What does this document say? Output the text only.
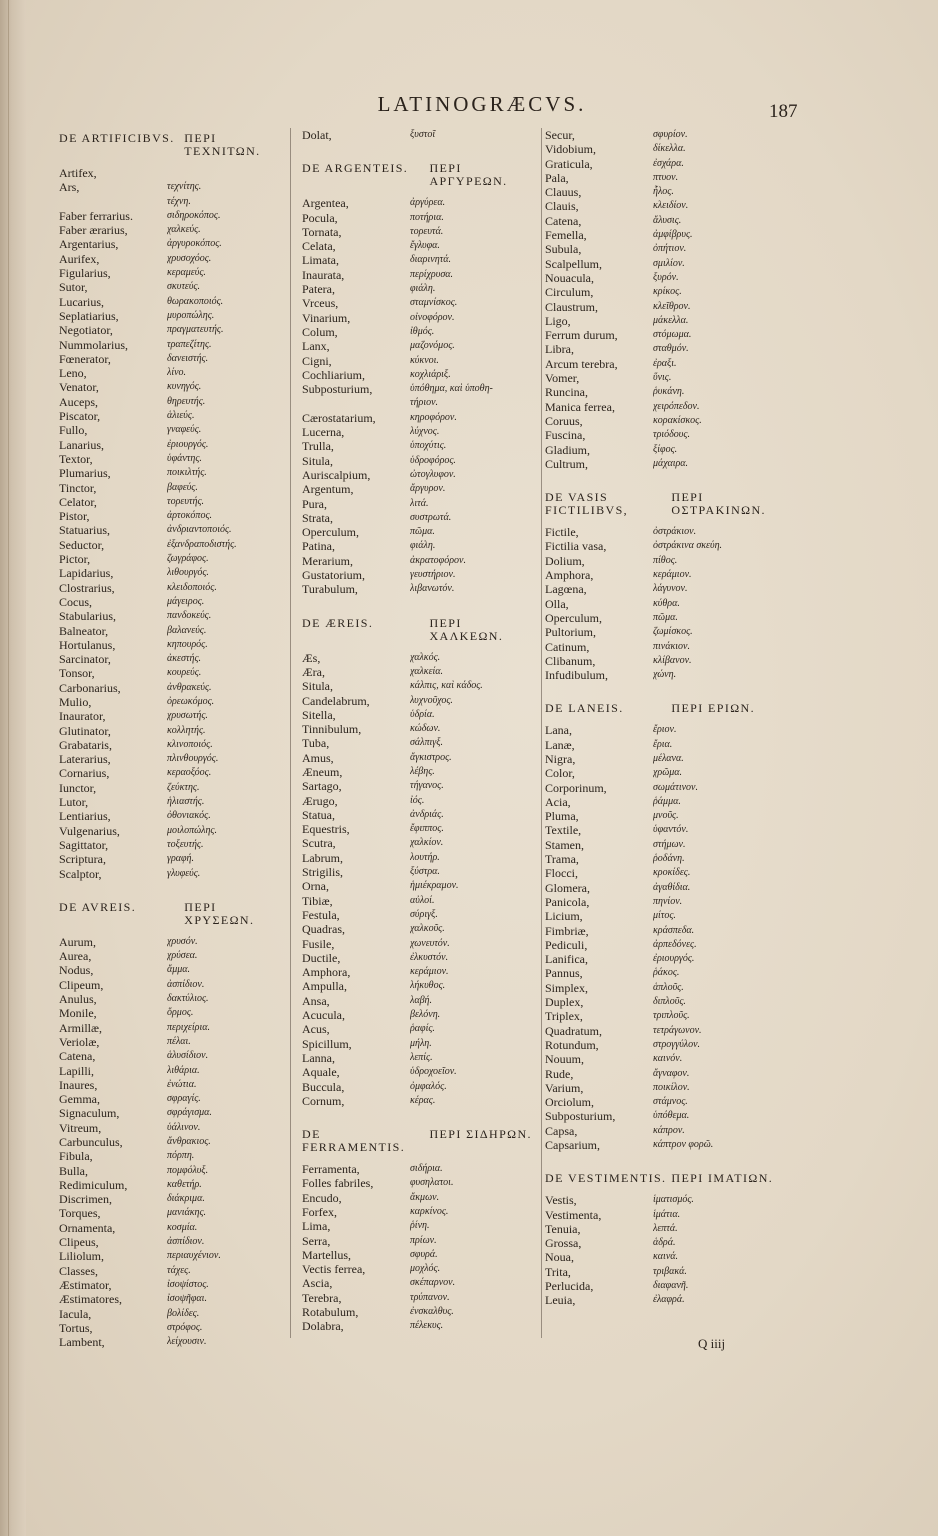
LATINOGRÆCVS.	187
DE ARTIFICIBVS. ΠΕΡΙ ΤΕΧΝΙΤΩΝ.
Artifex,
Ars,	τεχνίτης.
τέχνη.
Faber ferrarius.	σιδηροκόπος.
Faber ærarius,	χαλκεύς.
Argentarius,	ἀργυροκόπος.
Aurifex,	χρυσοχόος.
Figularius,	κεραμεύς.
Sutor,	σκυτεύς.
Lucarius,	θωρακοποιός.
Seplatiarius,	μυροπώλης.
Negotiator,	πραγματευτής.
Nummolarius,	τραπεζίτης.
Fœnerator,	δανειστής.
Leno,	λίνο.
Venator,	κυνηγός.
Auceps,	θηρευτής.
Piscator,	ἁλιεύς.
Fullo,	γναφεύς.
Lanarius,	ἐριουργός.
Textor,	ὑφάντης.
Plumarius,	ποικιλτής.
Tinctor,	βαφεύς.
Celator,	τορευτής.
Pistor,	ἀρτοκόπος.
Statuarius,	ἀνδριαντοποιός.
Seductor,	ἐξανδραποδιστής.
Pictor,	ζωγράφος.
Lapidarius,	λιθουργός.
Clostrarius,	κλειδοποιός.
Cocus,	μάγειρος.
Stabularius,	πανδοκεύς.
Balneator,	βαλανεύς.
Hortulanus,	κηπουρός.
Sarcinator,	ἀκεστής.
Tonsor,	κουρεύς.
Carbonarius,	ἀνθρακεύς.
Mulio,	ὀρεωκόμος.
Inaurator,	χρυσωτής.
Glutinator,	κολλητής.
Grabataris,	κλινοποιός.
Laterarius,	πλινθουργός.
Cornarius,	κεραοξόος.
Iunctor,	ζεύκτης.
Lutor,	ἡλιαστής.
Lentiarius,	ὀθονιακός.
Vulgenarius,	μοιλοπώλης.
Sagittator,	τοξευτής.
Scriptura,	γραφή.
Scalptor,	γλυφεύς.
DE AVREIS.	ΠΕΡΙ ΧΡΥΣΕΩΝ.
Aurum,	χρυσόν.
Aurea,	χρύσεα.
Nodus,	ἅμμα.
Clipeum,	ἀσπίδιον.
Anulus,	δακτύλιος.
Monile,	ὅρμος.
Armillæ,	περιχείρια.
Veriolæ,	πέλαι.
Catena,	ἁλυσίδιον.
Lapilli,	λιθάρια.
Inaures,	ἐνώτια.
Gemma,	σφραγίς.
Signaculum,	σφράγισμα.
Vitreum,	ὑάλινον.
Carbunculus,	ἄνθρακιος.
Fibula,	πόρπη.
Bulla,	πομφόλυξ.
Redimiculum,	καθετήρ.
Discrimen,	διάκριμα.
Torques,	μανιάκης.
Ornamenta,	κοσμία.
Clipeus,	ἀσπίδιον.
Liliolum,	περιαυχένιον.
Classes,	τάχες.
Æstimator,	ἰσοψίστος.
Æstimatores,	ἰσοψῆφαι.
Iacula,	βολίδες.
Tortus,	στρόφος.
Lambent,	λείχουσιν.
Dolat,	ξυστοῖ
DE ARGENTEIS.	ΠΕΡΙ ΑΡΓΥΡΕΩΝ.
Argentea,	ἀργύρεα.
Pocula,	ποτήρια.
Tornata,	τορευτά.
Celata,	ἔγλυφα.
Limata,	διαρινητά.
Inaurata,	περίχρυσα.
Patera,	φιάλη.
Vrceus,	σταμνίσκος.
Vinarium,	οἰνοφόρον.
Colum,	ἰθμός.
Lanx,	μαζονόμος.
Cigni,	κύκνοι.
Cochliarium,	κοχλιάριξ.
Subposturium,	ὑπόθημα, καὶ ὑποθη-
τήριον.
Cærostatarium,	κηροφόρον.
Lucerna,	λύχνος.
Trulla,	ὑποχύτις.
Situla,	ὑδροφόρος.
Auriscalpium,	ὠτογλυφον.
Argentum,	ἄργυρον.
Pura,	λιτά.
Strata,	συστρωτά.
Operculum,	πῶμα.
Patina,	φιάλη.
Merarium,	ἀκρατοφόρον.
Gustatorium,	γευστήριον.
Turabulum,	λιβανωτόν.
DE ÆREIS.	ΠΕΡΙ ΧΑΛΚΕΩΝ.
Æs,	χαλκός.
Æra,	χαλκεία.
Situla,	κάλπις, καὶ κάδος.
Candelabrum,	λυχνοῦχος.
Sitella,	ὑδρία.
Tinnibulum,	κώδων.
Tuba,	σάλπιγξ.
Amus,	ἄγκιστρος.
Æneum,	λέβης.
Sartago,	τήγανος.
Ærugo,	ἰός.
Statua,	ἀνδριάς.
Equestris,	ἔφιππος.
Scutra,	χαλκίον.
Labrum,	λουτήρ.
Strigilis,	ξύστρα.
Orna,	ἡμιέκραμον.
Tibiæ,	αὐλοί.
Festula,	σύριγξ.
Quadras,	χαλκοῦς.
Fusile,	χωνευτόν.
Ductile,	ἐλκυστόν.
Amphora,	κεράμιον.
Ampulla,	λήκυθος.
Ansa,	λαβή.
Acucula,	βελόνη.
Acus,	ῥαφίς.
Spicillum,	μήλη.
Lanna,	λεπίς.
Aquale,	ὑδροχοεῖον.
Buccula,	ὀμφαλός.
Cornum,	κέρας.
DE FERRAMENTIS.
ΠΕΡΙ ΣΙΔΗΡΩΝ.
Ferramenta,	σιδήρια.
Folles fabriles,	φυσηλατοι.
Encudo,	ἄκμων.
Forfex,	καρκίνος.
Lima,	ῥίνη.
Serra,	πρίων.
Martellus,	σφυρά.
Vectis ferrea,	μοχλός.
Ascia,	σκέπαρνον.
Terebra,	τρύπανον.
Rotabulum,	ἐνσκαλθυς.
Dolabra,	πέλεκυς.
Secur,	σφυρίον.
Vidobium,	δίκελλα.
Graticula,	ἐσχάρα.
Pala,	πτυον.
Clauus,	ἧλος.
Clauis,	κλειδίον.
Catena,	ἅλυσις.
Femella,	ἀμφίβρυς.
Subula,	ὀπήτιον.
Scalpellum,	σμιλίον.
Nouacula,	ξυρόν.
Circulum,	κρίκος.
Claustrum,	κλεῖθρον.
Ligo,	μάκελλα.
Ferrum durum,	στόμωμα.
Libra,	σταθμόν.
Arcum terebra,	ἐραξι.
Vomer,	ὕνις.
Runcina,	ῥυκάνη.
Manica ferrea,	χειρόπεδον.
Coruus,	κορακίσκος.
Fuscina,	τριόδους.
Gladium,	ξίφος.
Cultrum,	μάχαιρα.
DE VASIS FICTILIBVS,
ΠΕΡΙ ΟΣΤΡΑΚΙΝΩΝ.
Fictile,	ὀστράκιον.
Fictilia vasa,	ὀστράκινα σκεύη.
Dolium,	πίθος.
Amphora,	κεράμιον.
Lagœna,	λάγυνον.
Olla,	κύθρα.
Operculum,	πῶμα.
Pultorium,	ζωμίσκος.
Catinum,	πινάκιον.
Clibanum,	κλίβανον.
Infudibulum,	χώνη.
DE LANEIS.	ΠΕΡΙ ΕΡΙΩΝ.
Lana,	ἔριον.
Lanæ,	ἔρια.
Nigra,	μέλανα.
Color,	χρῶμα.
Corporinum,	σωμάτινον.
Acia,	ῥάμμα.
Pluma,	μνοῦς.
Textile,	ὑφαντόν.
Stamen,	στήμων.
Trama,	ῥοδάνη.
Flocci,	κροκίδες.
Glomera,	ἀγαθίδια.
Panicola,	πηνίον.
Licium,	μίτος.
Fimbriæ,	κράσπεδα.
Pediculi,	ἀρπεδόνες.
Lanifica,	ἐριουργός.
Pannus,	ῥάκος.
Simplex,	ἁπλοῦς.
Duplex,	διπλοῦς.
Triplex,	τριπλοῦς.
Quadratum,	τετράγωνον.
Rotundum,	στρογγύλον.
Nouum,	καινόν.
Rude,	ἄγναφον.
Varium,	ποικίλον.
Orciolum,	στάμνος.
Subposturium,	ὑπόθεμα.
Capsa,	κάπρον.
Capsarium,	κάπτρον φορῶ.
DE VESTIMENTIS. ΠΕΡΙ ΙΜΑΤΙΩΝ.
Vestis,	ἱματισμός.
Vestimenta,	ἱμάτια.
Tenuia,	λεπτά.
Grossa,	ἁδρά.
Noua,	καινά.
Trita,	τριβακά.
Perlucida,	διαφανῆ.
Leuia,	ἐλαφρά.
Q iiij
